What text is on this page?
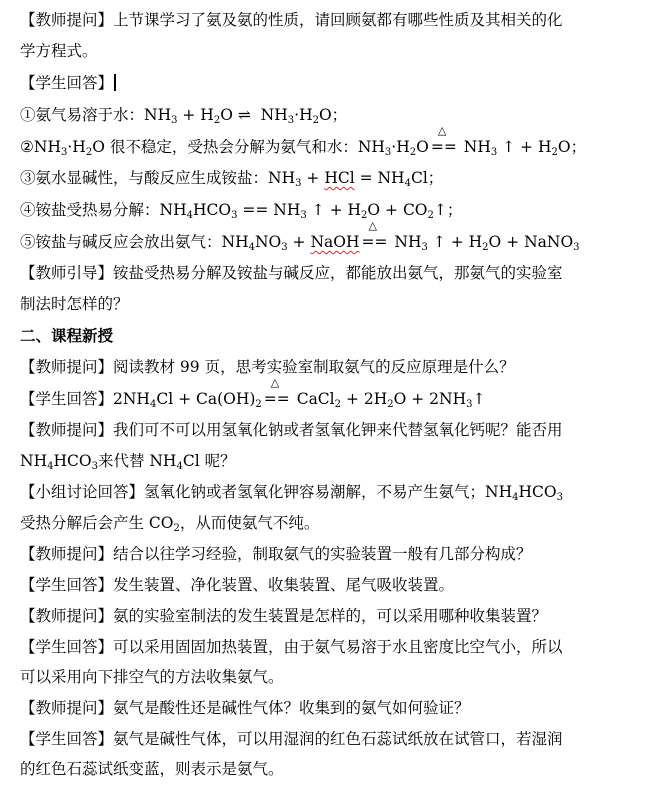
【教师提问】上节课学习了氨及氨的性质，请回顾氨都有哪些性质及其相关的化
学方程式。
【学生回答】
①氨气易溶于水：$NH_3 + H_2O$ ⇌  $NH_3\cdot H_2O$；
$②NH_3\cdot H_2O$ 很不稳定，受热会分解为氨气和水：$NH_3\cdot H_2O$
△
== $NH_3$ ↑ + $H_2O$；
③氨水显碱性，与酸反应生成铵盐：$NH_3$ + HCl = $NH_4Cl$；
④铵盐受热易分解：$NH_4HCO_3 == NH_3$ ↑ + $H_2O$ + $CO_2↑$；
⑤铵盐与碱反应会放出氨气：$NH_4NO_3$ + NaOH
△
== $NH_3$ ↑ + $H_2O$ + NaNO$_3$
【教师引导】铵盐受热易分解及铵盐与碱反应，都能放出氨气，那氨气的实验室
制法时怎样的？
二、课程新授
【教师提问】阅读教材 99 页，思考实验室制取氨气的反应原理是什么？
【学生回答】$2NH_4Cl + Ca(OH)_2$
△
== CaCl$_2$ + $2H_2O$ + $2NH_3↑$
【教师提问】我们可不可以用氢氧化钠或者氢氧化钾来代替氢氧化钙呢？能否用
$NH_4HCO_3$来代替 $NH_4Cl$ 呢？
【小组讨论回答】氢氧化钠或者氢氧化钾容易潮解，不易产生氨气；$NH_4HCO_3$
受热分解后会产生 $CO_2$，从而使氨气不纯。
【教师提问】结合以往学习经验，制取氨气的实验装置一般有几部分构成？
【学生回答】发生装置、净化装置、收集装置、尾气吸收装置。
【教师提问】氨的实验室制法的发生装置是怎样的，可以采用哪种收集装置？
【学生回答】可以采用固固加热装置，由于氨气易溶于水且密度比空气小，所以
可以采用向下排空气的方法收集氨气。
【教师提问】氨气是酸性还是碱性气体？收集到的氨气如何验证？
【学生回答】氨气是碱性气体，可以用湿润的红色石蕊试纸放在试管口，若湿润
的红色石蕊试纸变蓝，则表示是氨气。
